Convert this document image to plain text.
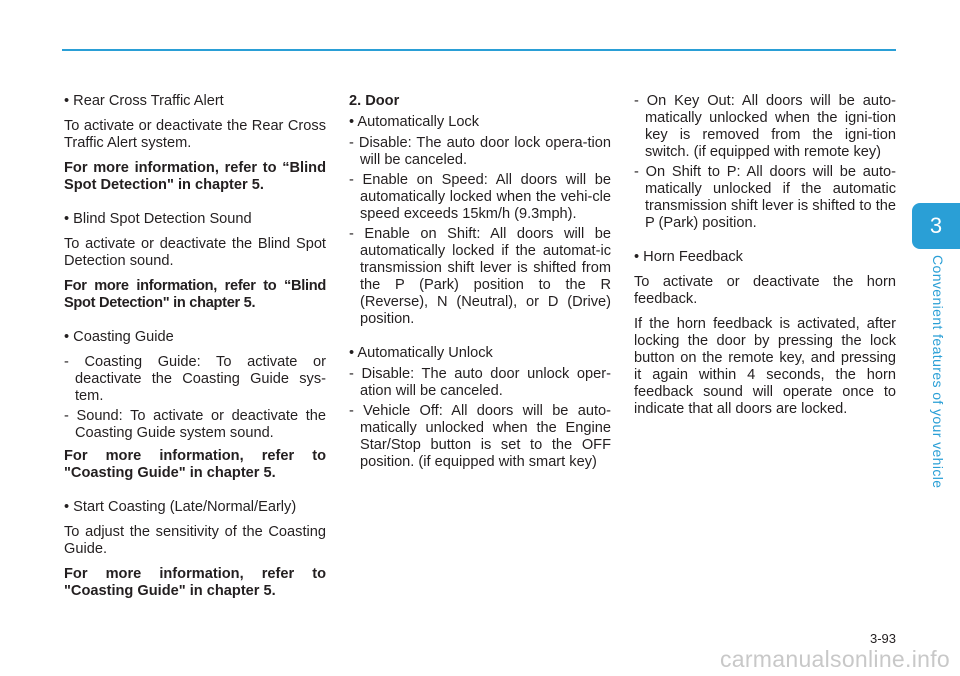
• Rear Cross Traffic Alert

To activate or deactivate the Rear Cross Traffic Alert system.

For more information, refer to “Blind Spot Detection" in chapter 5.

• Blind Spot Detection Sound

To activate or deactivate the Blind Spot Detection sound.

For more information, refer to “Blind Spot Detection" in chapter 5.

• Coasting Guide
- Coasting Guide: To activate or deactivate the Coasting Guide sys-tem.
- Sound: To activate or deactivate the Coasting Guide system sound.

For more information, refer to "Coasting Guide" in chapter 5.

• Start Coasting (Late/Normal/Early)

To adjust the sensitivity of the Coasting Guide.

For more information, refer to "Coasting Guide" in chapter 5.

2. Door
• Automatically Lock
- Disable: The auto door lock opera-tion will be canceled.
- Enable on Speed: All doors will be automatically locked when the vehi-cle speed exceeds 15km/h (9.3mph).
- Enable on Shift: All doors will be automatically locked if the automat-ic transmission shift lever is shifted from the P (Park) position to the R (Reverse), N (Neutral), or D (Drive) position.
• Automatically Unlock
- Disable: The auto door unlock oper-ation will be canceled.
- Vehicle Off: All doors will be auto-matically unlocked when the Engine Star/Stop button is set to the OFF position. (if equipped with smart key)
- On Key Out: All doors will be auto-matically unlocked when the igni-tion key is removed from the igni-tion switch. (if equipped with remote key)
- On Shift to P: All doors will be auto-matically unlocked if the automatic transmission shift lever is shifted to the P (Park) position.
• Horn Feedback

To activate or deactivate the horn feedback.

If the horn feedback is activated, after locking the door by pressing the lock button on the remote key, and pressing it again within 4 seconds, the horn feedback sound will operate once to indicate that all doors are locked.

3
Convenient features of your vehicle
3-93
carmanualsonline.info
